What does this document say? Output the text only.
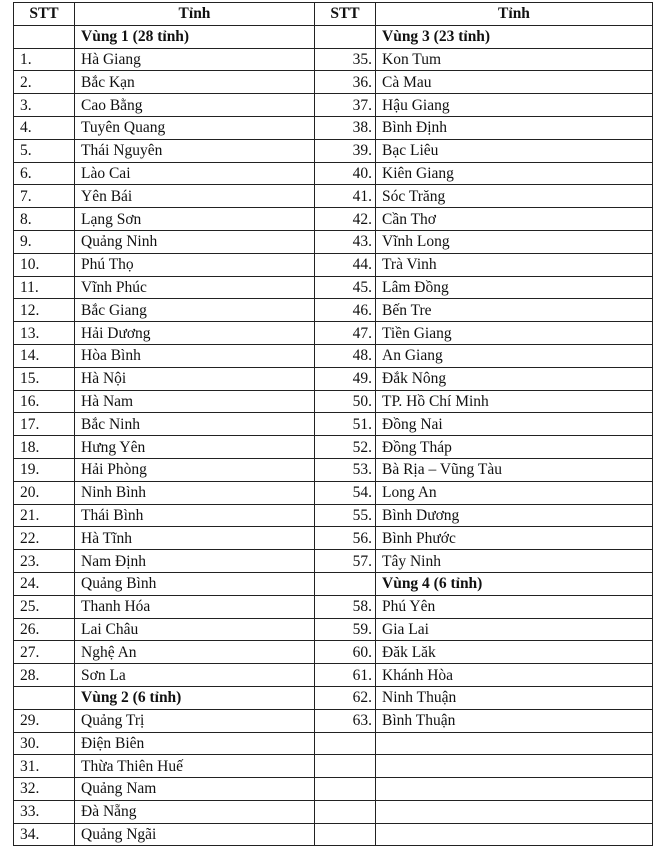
STT	Tỉnh	STT	Tỉnh
	Vùng 1 (28 tỉnh)		Vùng 3 (23 tỉnh)
1.	Hà Giang	35.	Kon Tum
2.	Bắc Kạn	36.	Cà Mau
3.	Cao Bằng	37.	Hậu Giang
4.	Tuyên Quang	38.	Bình Định
5.	Thái Nguyên	39.	Bạc Liêu
6.	Lào Cai	40.	Kiên Giang
7.	Yên Bái	41.	Sóc Trăng
8.	Lạng Sơn	42.	Cần Thơ
9.	Quảng Ninh	43.	Vĩnh Long
10.	Phú Thọ	44.	Trà Vinh
11.	Vĩnh Phúc	45.	Lâm Đồng
12.	Bắc Giang	46.	Bến Tre
13.	Hải Dương	47.	Tiền Giang
14.	Hòa Bình	48.	An Giang
15.	Hà Nội	49.	Đắk Nông
16.	Hà Nam	50.	TP. Hồ Chí Minh
17.	Bắc Ninh	51.	Đồng Nai
18.	Hưng Yên	52.	Đồng Tháp
19.	Hải Phòng	53.	Bà Rịa – Vũng Tàu
20.	Ninh Bình	54.	Long An
21.	Thái Bình	55.	Bình Dương
22.	Hà Tĩnh	56.	Bình Phước
23.	Nam Định	57.	Tây Ninh
24.	Quảng Bình		Vùng 4 (6 tỉnh)
25.	Thanh Hóa	58.	Phú Yên
26.	Lai Châu	59.	Gia Lai
27.	Nghệ An	60.	Đăk Lăk
28.	Sơn La	61.	Khánh Hòa
	Vùng 2 (6 tỉnh)	62.	Ninh Thuận
29.	Quảng Trị	63.	Bình Thuận
30.	Điện Biên		
31.	Thừa Thiên Huế		
32.	Quảng Nam		
33.	Đà Nẵng		
34.	Quảng Ngãi		
